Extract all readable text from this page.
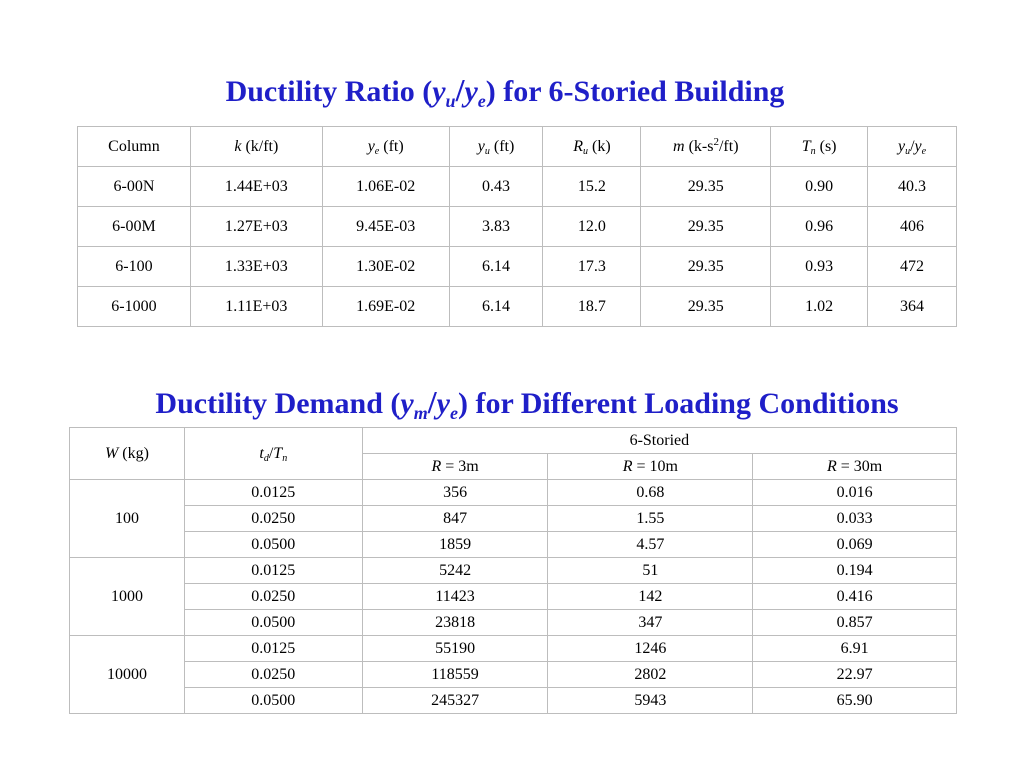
Ductility Ratio $(y_u/y_e)$ for 6-Storied Building
Column	k (k/ft)	$y_e$ (ft)	$y_u$ (ft)	$R_u$ (k)	m $(k-s^2/ft)$	$T_n$ (s)	$y_u/y_e$
6-00N	1.44E+03	1.06E-02	0.43	15.2	29.35	0.90	40.3
6-00M	1.27E+03	9.45E-03	3.83	12.0	29.35	0.96	406
6-100	1.33E+03	1.30E-02	6.14	17.3	29.35	0.93	472
6-1000	1.11E+03	1.69E-02	6.14	18.7	29.35	1.02	364
Ductility Demand $(y_m/y_e)$ for Different Loading Conditions
W (kg)	$t_d/T_n$	6-Storied		
		R = 3m	R = 10m	R = 30m
100	0.0125	356	0.68	0.016
	0.0250	847	1.55	0.033
	0.0500	1859	4.57	0.069
1000	0.0125	5242	51	0.194
	0.0250	11423	142	0.416
	0.0500	23818	347	0.857
10000	0.0125	55190	1246	6.91
	0.0250	118559	2802	22.97
	0.0500	245327	5943	65.90
